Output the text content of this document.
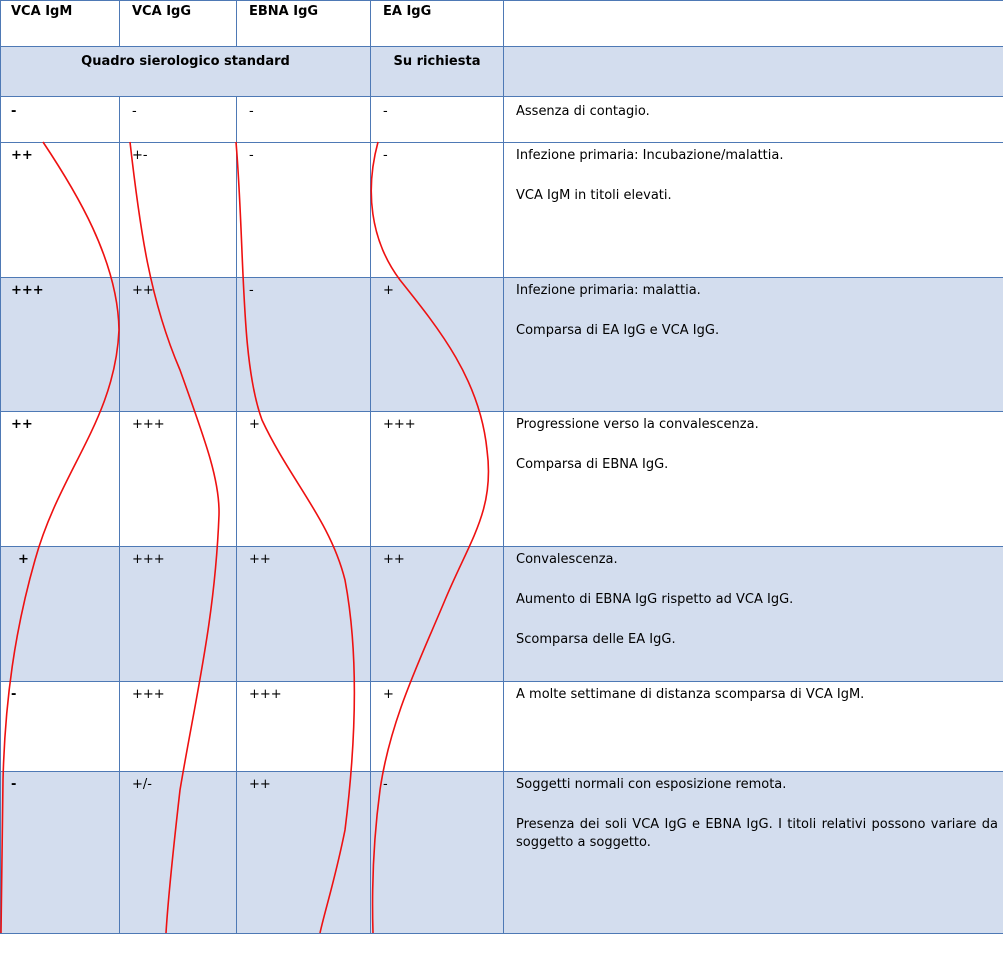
VCA IgM	VCA IgG	EBNA IgG	EA IgG
Quadro sierologico standard	Su richiesta
-	-	-	-	Assenza di contagio.

++	+-	-	-	Infezione primaria: Incubazione/malattia.

VCA IgM in titoli elevati.

+++	++	-	+	Infezione primaria: malattia.

Comparsa di EA IgG e VCA IgG.

++	+++	+	+++	Progressione verso la convalescenza.

Comparsa di EBNA IgG.

+	+++	++	++	Convalescenza.

Aumento di EBNA IgG rispetto ad VCA IgG.

Scomparsa delle EA IgG.

-	+++	+++	+	A molte settimane di distanza scomparsa di VCA IgM.

-	+/-	++	-	Soggetti normali con esposizione remota.

Presenza dei soli VCA IgG e EBNA IgG. I titoli relativi possono variare da soggetto a soggetto.
